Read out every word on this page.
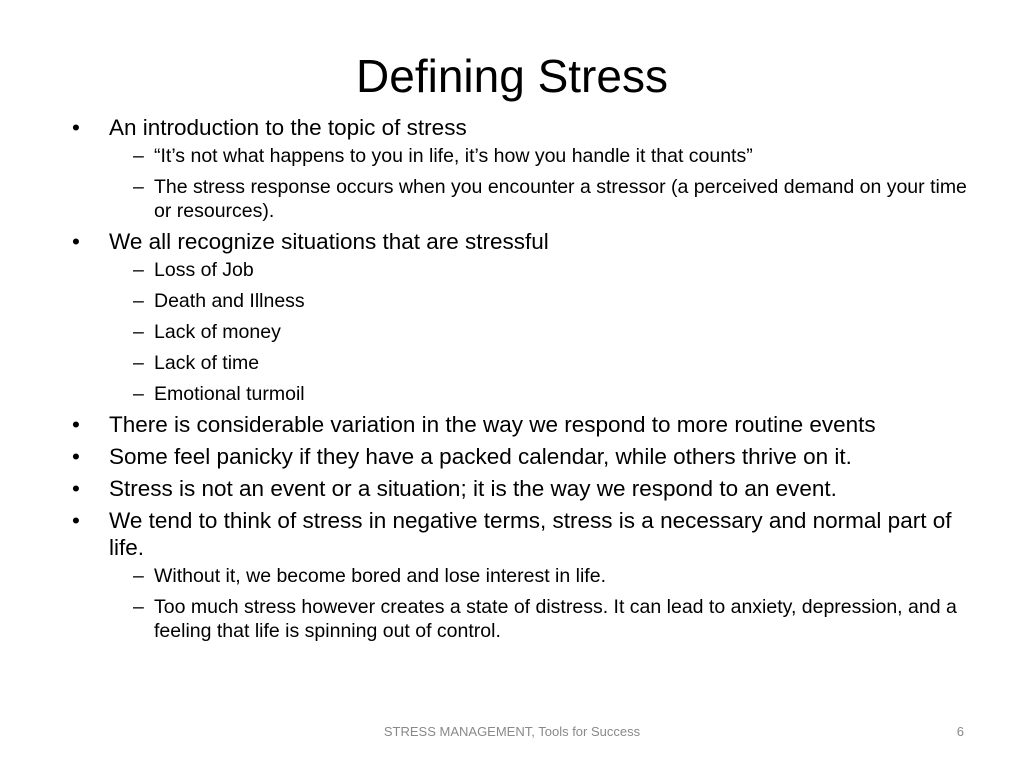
Defining Stress
• An introduction to the topic of stress
– “It’s not what happens to you in life, it’s how you handle it that counts”
– The stress response occurs when you encounter a stressor (a perceived demand on your time or resources).
• We all recognize situations that are stressful
– Loss of Job
– Death and Illness
– Lack of money
– Lack of time
– Emotional turmoil
• There is considerable variation in the way we respond to more routine events
• Some feel panicky if they have a packed calendar, while others thrive on it.
• Stress is not an event or a situation; it is the way we respond to an event.
• We tend to think of stress in negative terms, stress is a necessary and normal part of life.
– Without it, we become bored and lose interest in life.
– Too much stress however creates a state of distress. It can lead to anxiety, depression, and a feeling that life is spinning out of control.
STRESS MANAGEMENT, Tools for Success	6
